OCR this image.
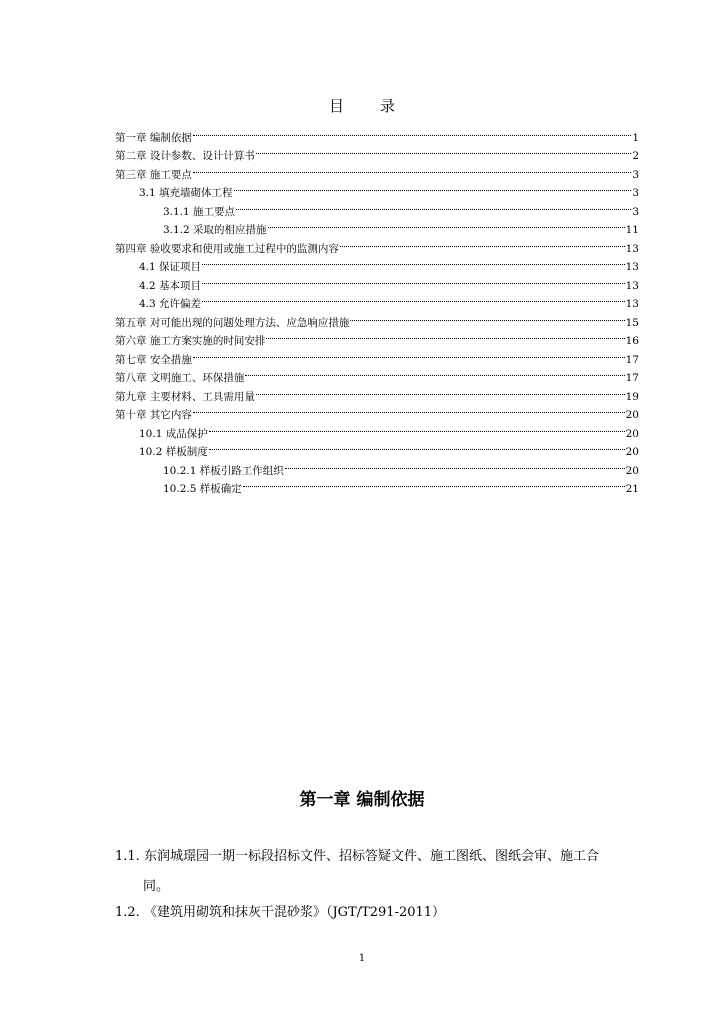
目录
第一章 编制依据	1
第二章 设计参数、设计计算书	2
第三章 施工要点	3
3.1 填充墙砌体工程	3
3.1.1 施工要点	3
3.1.2 采取的相应措施	11
第四章 验收要求和使用或施工过程中的监测内容	13
4.1 保证项目	13
4.2 基本项目	13
4.3 允许偏差	13
第五章 对可能出现的问题处理方法、应急响应措施	15
第六章 施工方案实施的时间安排	16
第七章 安全措施	17
第八章 文明施工、环保措施	17
第九章 主要材料、工具需用量	19
第十章 其它内容	20
10.1 成品保护	20
10.2 样板制度	20
10.2.1 样板引路工作组织	20
10.2.5 样板确定	21
第一章 编制依据
1.1. 东润城璟园一期一标段招标文件、招标答疑文件、施工图纸、图纸会审、施工合
同。
1.2. 《建筑用砌筑和抹灰干混砂浆》（JGT/T291-2011）
1
